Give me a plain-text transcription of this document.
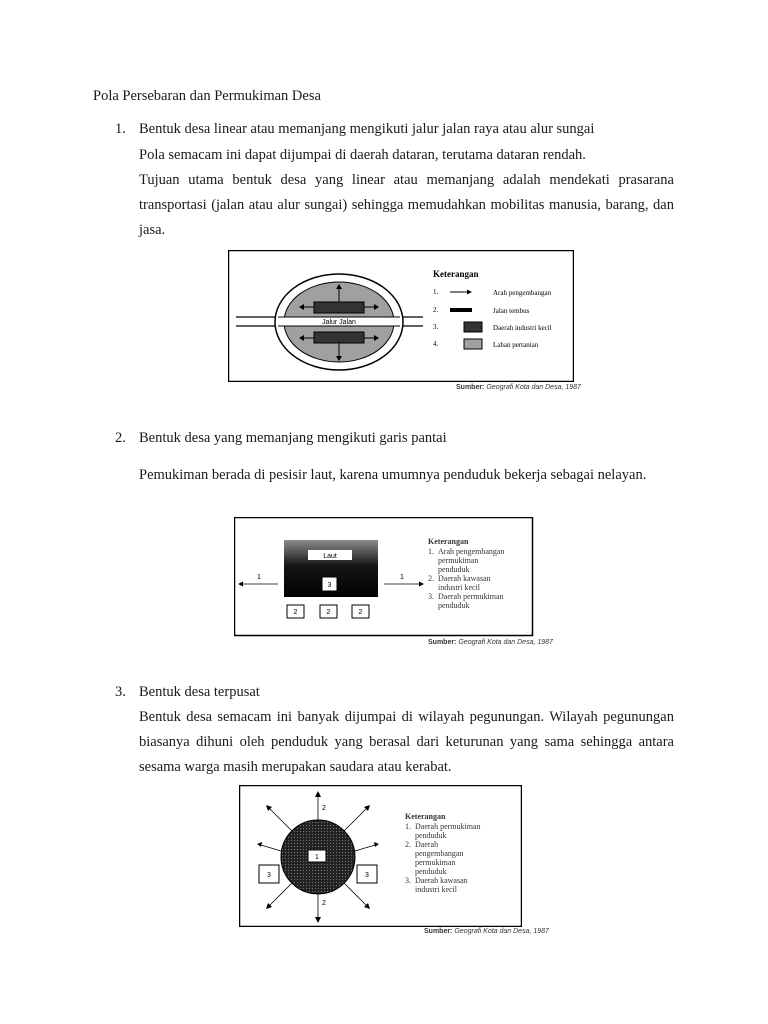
Pola Persebaran dan Permukiman Desa
1. Bentuk desa linear atau memanjang mengikuti jalur jalan raya atau alur sungai
Pola semacam ini dapat dijumpai di daerah dataran, terutama dataran rendah.
Tujuan utama bentuk desa yang linear atau memanjang adalah mendekati prasarana transportasi (jalan atau alur sungai) sehingga memudahkan mobilitas manusia, barang, dan jasa.
Jalur Jalan
Keterangan
1.	Arah pengembangan
2.	Jalan tembus
3.	Daerah industri kecil
4.	Lahan pertanian
Sumber: Geografi Kota dan Desa, 1987
2. Bentuk desa yang memanjang mengikuti garis pantai
Pemukiman berada di pesisir laut, karena umumnya penduduk bekerja sebagai nelayan.
Laut
3
1	1
2	2	2
Keterangan
1. Arah pengembangan
permukiman
penduduk
2. Daerah kawasan
industri kecil
3. Daerah permukiman
penduduk
Sumber: Geografi Kota dan Desa, 1987
3. Bentuk desa terpusat
Bentuk desa semacam ini banyak dijumpai di wilayah pegunungan. Wilayah pegunungan biasanya dihuni oleh penduduk yang berasal dari keturunan yang sama sehingga antara sesama warga masih merupakan saudara atau kerabat.
1
2
2
3	3
Keterangan
1. Daerah permukiman
penduduk
2. Daerah
pengembangan
permukiman
penduduk
3. Daerah kawasan
industri kecil
Sumber: Geografi Kota dan Desa, 1987
